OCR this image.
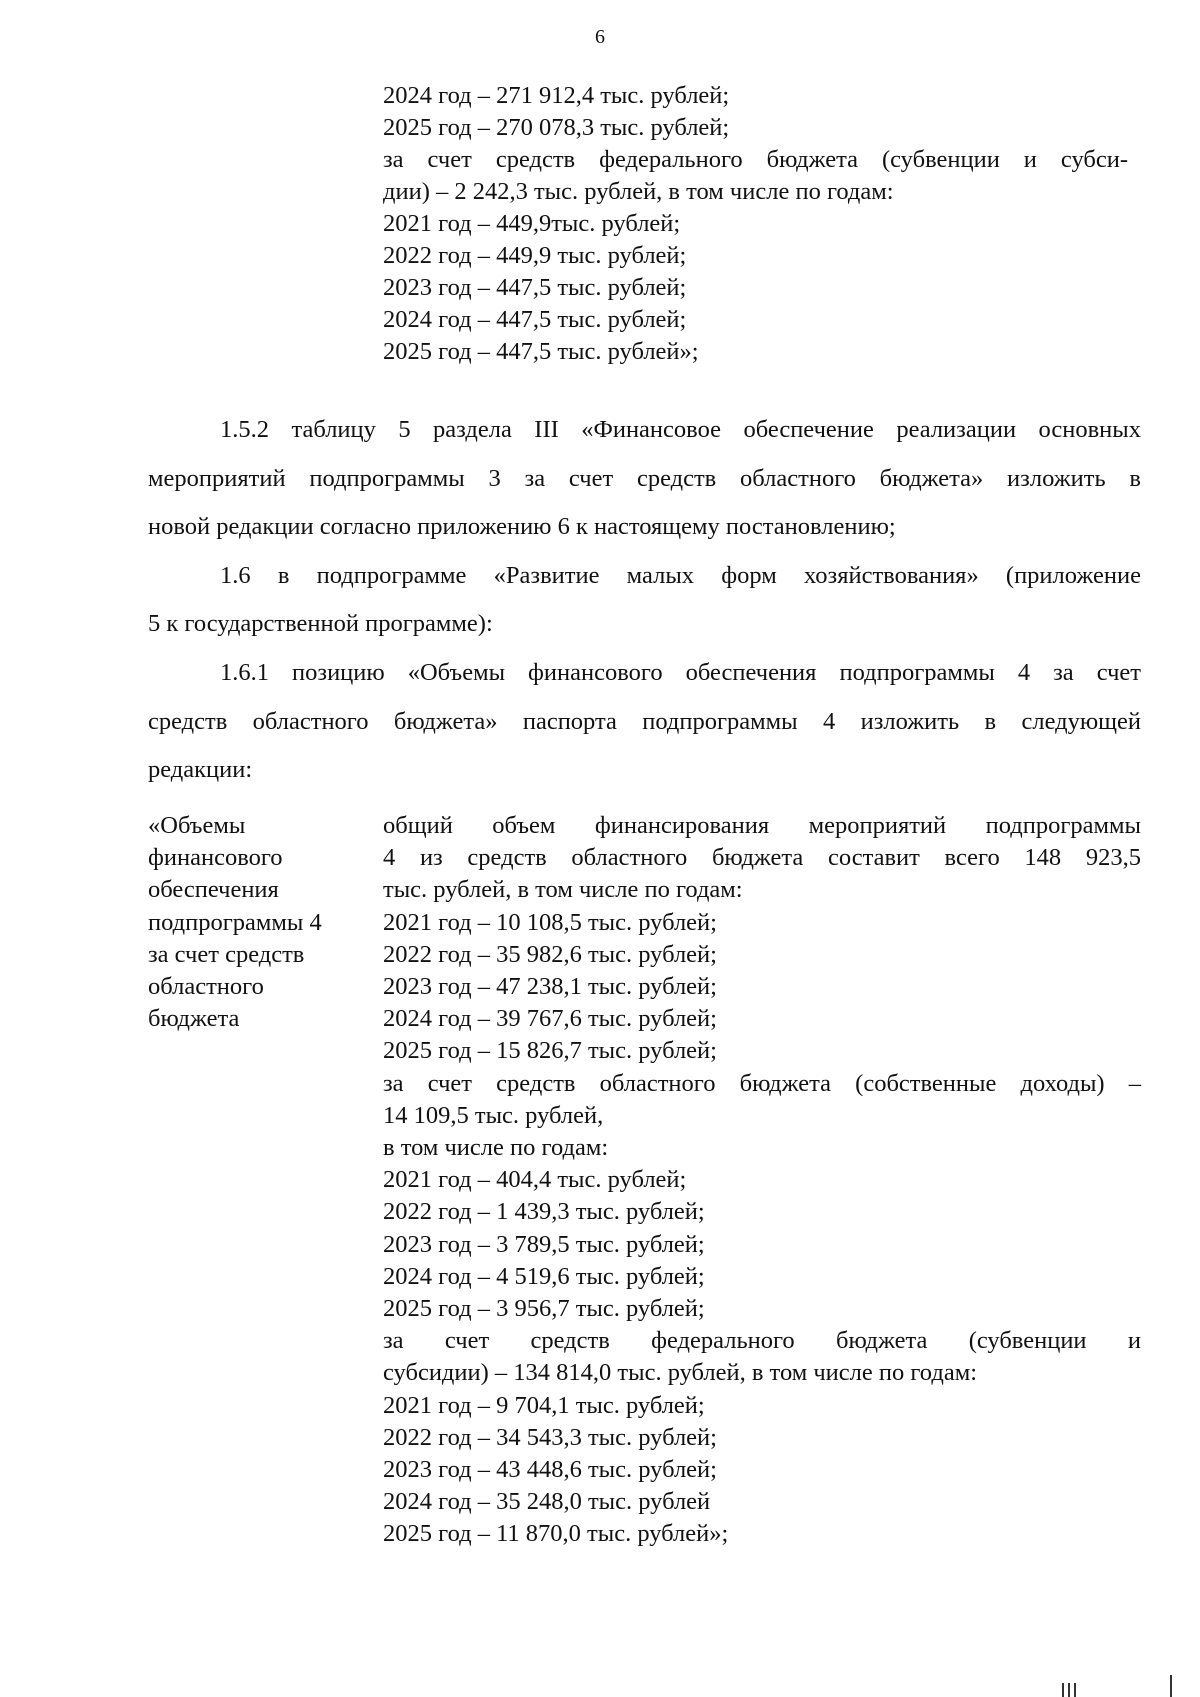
6
2024 год – 271 912,4 тыс. рублей;
2025 год – 270 078,3 тыс. рублей;
за счет средств федерального бюджета (субвенции и субси-
дии) – 2 242,3 тыс. рублей, в том числе по годам:
2021 год – 449,9тыс. рублей;
2022 год – 449,9 тыс. рублей;
2023 год – 447,5 тыс. рублей;
2024 год – 447,5 тыс. рублей;
2025 год – 447,5 тыс. рублей»;
1.5.2 таблицу 5 раздела III «Финансовое обеспечение реализации основных
мероприятий подпрограммы 3 за счет средств областного бюджета» изложить в
новой редакции согласно приложению 6 к настоящему постановлению;
1.6 в подпрограмме «Развитие малых форм хозяйствования» (приложение
5 к государственной программе):
1.6.1 позицию «Объемы финансового обеспечения подпрограммы 4 за счет
средств областного бюджета» паспорта подпрограммы 4 изложить в следующей
редакции:
«Объемы
финансового
обеспечения
подпрограммы 4
за счет средств
областного
бюджета
общий объем финансирования мероприятий подпрограммы
4 из средств областного бюджета составит всего 148 923,5
тыс. рублей, в том числе по годам:
2021 год – 10 108,5 тыс. рублей;
2022 год – 35 982,6 тыс. рублей;
2023 год – 47 238,1 тыс. рублей;
2024 год – 39 767,6 тыс. рублей;
2025 год – 15 826,7 тыс. рублей;
за счет средств областного бюджета (собственные доходы) –
14 109,5 тыс. рублей,
в том числе по годам:
2021 год – 404,4 тыс. рублей;
2022 год – 1 439,3 тыс. рублей;
2023 год – 3 789,5 тыс. рублей;
2024 год – 4 519,6 тыс. рублей;
2025 год – 3 956,7 тыс. рублей;
за счет средств федерального бюджета (субвенции и
субсидии) – 134 814,0 тыс. рублей, в том числе по годам:
2021 год – 9 704,1 тыс. рублей;
2022 год – 34 543,3 тыс. рублей;
2023 год – 43 448,6 тыс. рублей;
2024 год – 35 248,0 тыс. рублей
2025 год – 11 870,0 тыс. рублей»;
